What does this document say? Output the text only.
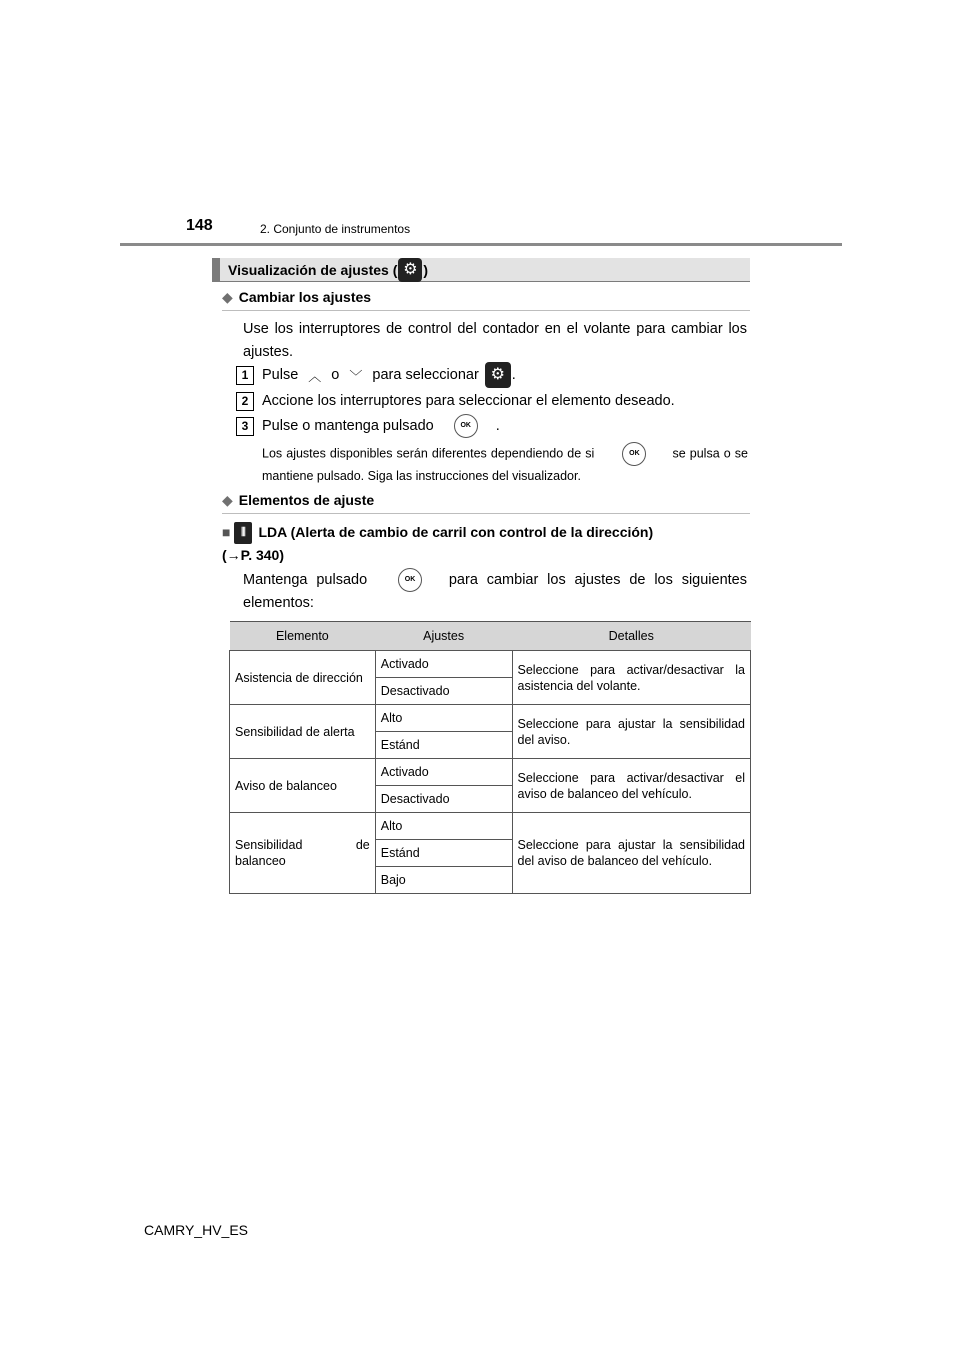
148	2. Conjunto de instrumentos
Visualización de ajustes ( ⚙ )
◆ Cambiar los ajustes
Use los interruptores de control del contador en el volante para cambiar los ajustes.
1 Pulse ︿ o ﹀ para seleccionar ⚙ .
2 Accione los interruptores para seleccionar el elemento deseado.
3 Pulse o mantenga pulsado	OK	.
Los ajustes disponibles serán diferentes dependiendo de si	OK	se pulsa o se mantiene pulsado. Siga las instrucciones del visualizador.
◆ Elementos de ajuste
■ ⫼ LDA (Alerta de cambio de carril con control de la dirección)
(→P. 340)
Mantenga pulsado	OK para cambiar los ajustes de los siguientes elementos:
Elemento	Ajustes	Detalles
Asistencia de dirección	Activado	Seleccione para activar/desactivar la asistencia del volante.
	Desactivado	
Sensibilidad de alerta	Alto	Seleccione para ajustar la sensibilidad del aviso.
	Estánd	
Aviso de balanceo	Activado	Seleccione para activar/desactivar el aviso de balanceo del vehículo.
	Desactivado	
Sensibilidad de balanceo	Alto	Seleccione para ajustar la sensibilidad del aviso de balanceo del vehículo.
	Estánd	
	Bajo	
CAMRY_HV_ES
